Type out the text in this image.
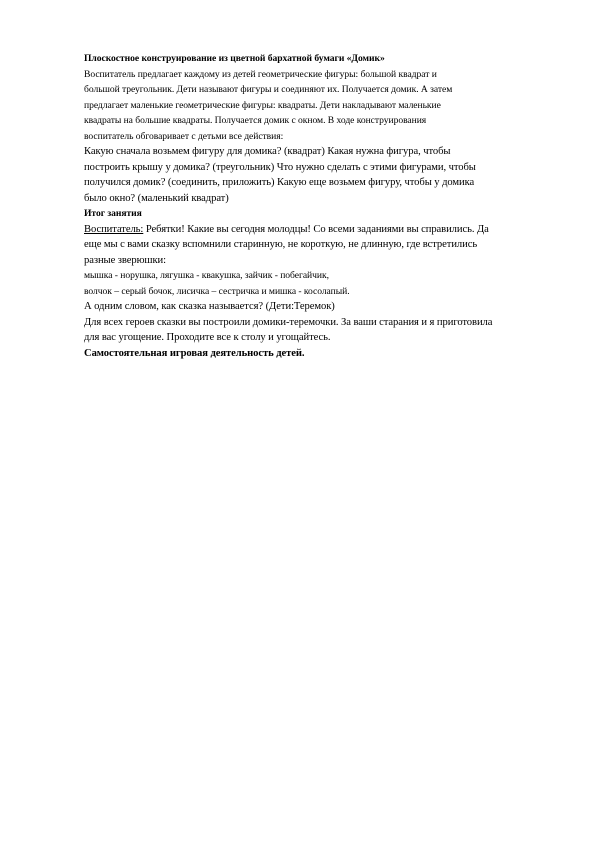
Плоскостное конструирование из цветной бархатной бумаги «Домик»
Воспитатель предлагает каждому из детей геометрические фигуры: большой квадрат и
большой треугольник. Дети называют фигуры и соединяют их. Получается домик. А затем
предлагает маленькие геометрические фигуры: квадраты. Дети накладывают маленькие
квадраты на большие квадраты. Получается домик с окном. В ходе конструирования
воспитатель обговаривает с детьми все действия:
Какую сначала возьмем фигуру для домика? (квадрат) Какая нужна фигура, чтобы
построить крышу у домика? (треугольник) Что нужно сделать с этими фигурами, чтобы
получился домик? (соединить, приложить) Какую еще возьмем фигуру, чтобы у домика
было окно? (маленький квадрат)
Итог занятия
Воспитатель: Ребятки! Какие вы сегодня молодцы! Со всеми заданиями вы справились. Да
еще мы с вами сказку вспомнили старинную, не короткую, не длинную, где встретились
разные зверюшки:
мышка - норушка, лягушка - квакушка, зайчик - побегайчик,
волчок – серый бочок, лисичка – сестричка и мишка - косолапый.
А одним словом, как сказка называется? (Дети:Теремок)
Для всех героев сказки вы построили домики-теремочки. За ваши старания и я приготовила
для вас угощение. Проходите все к столу и угощайтесь.
Самостоятельная игровая деятельность детей.
